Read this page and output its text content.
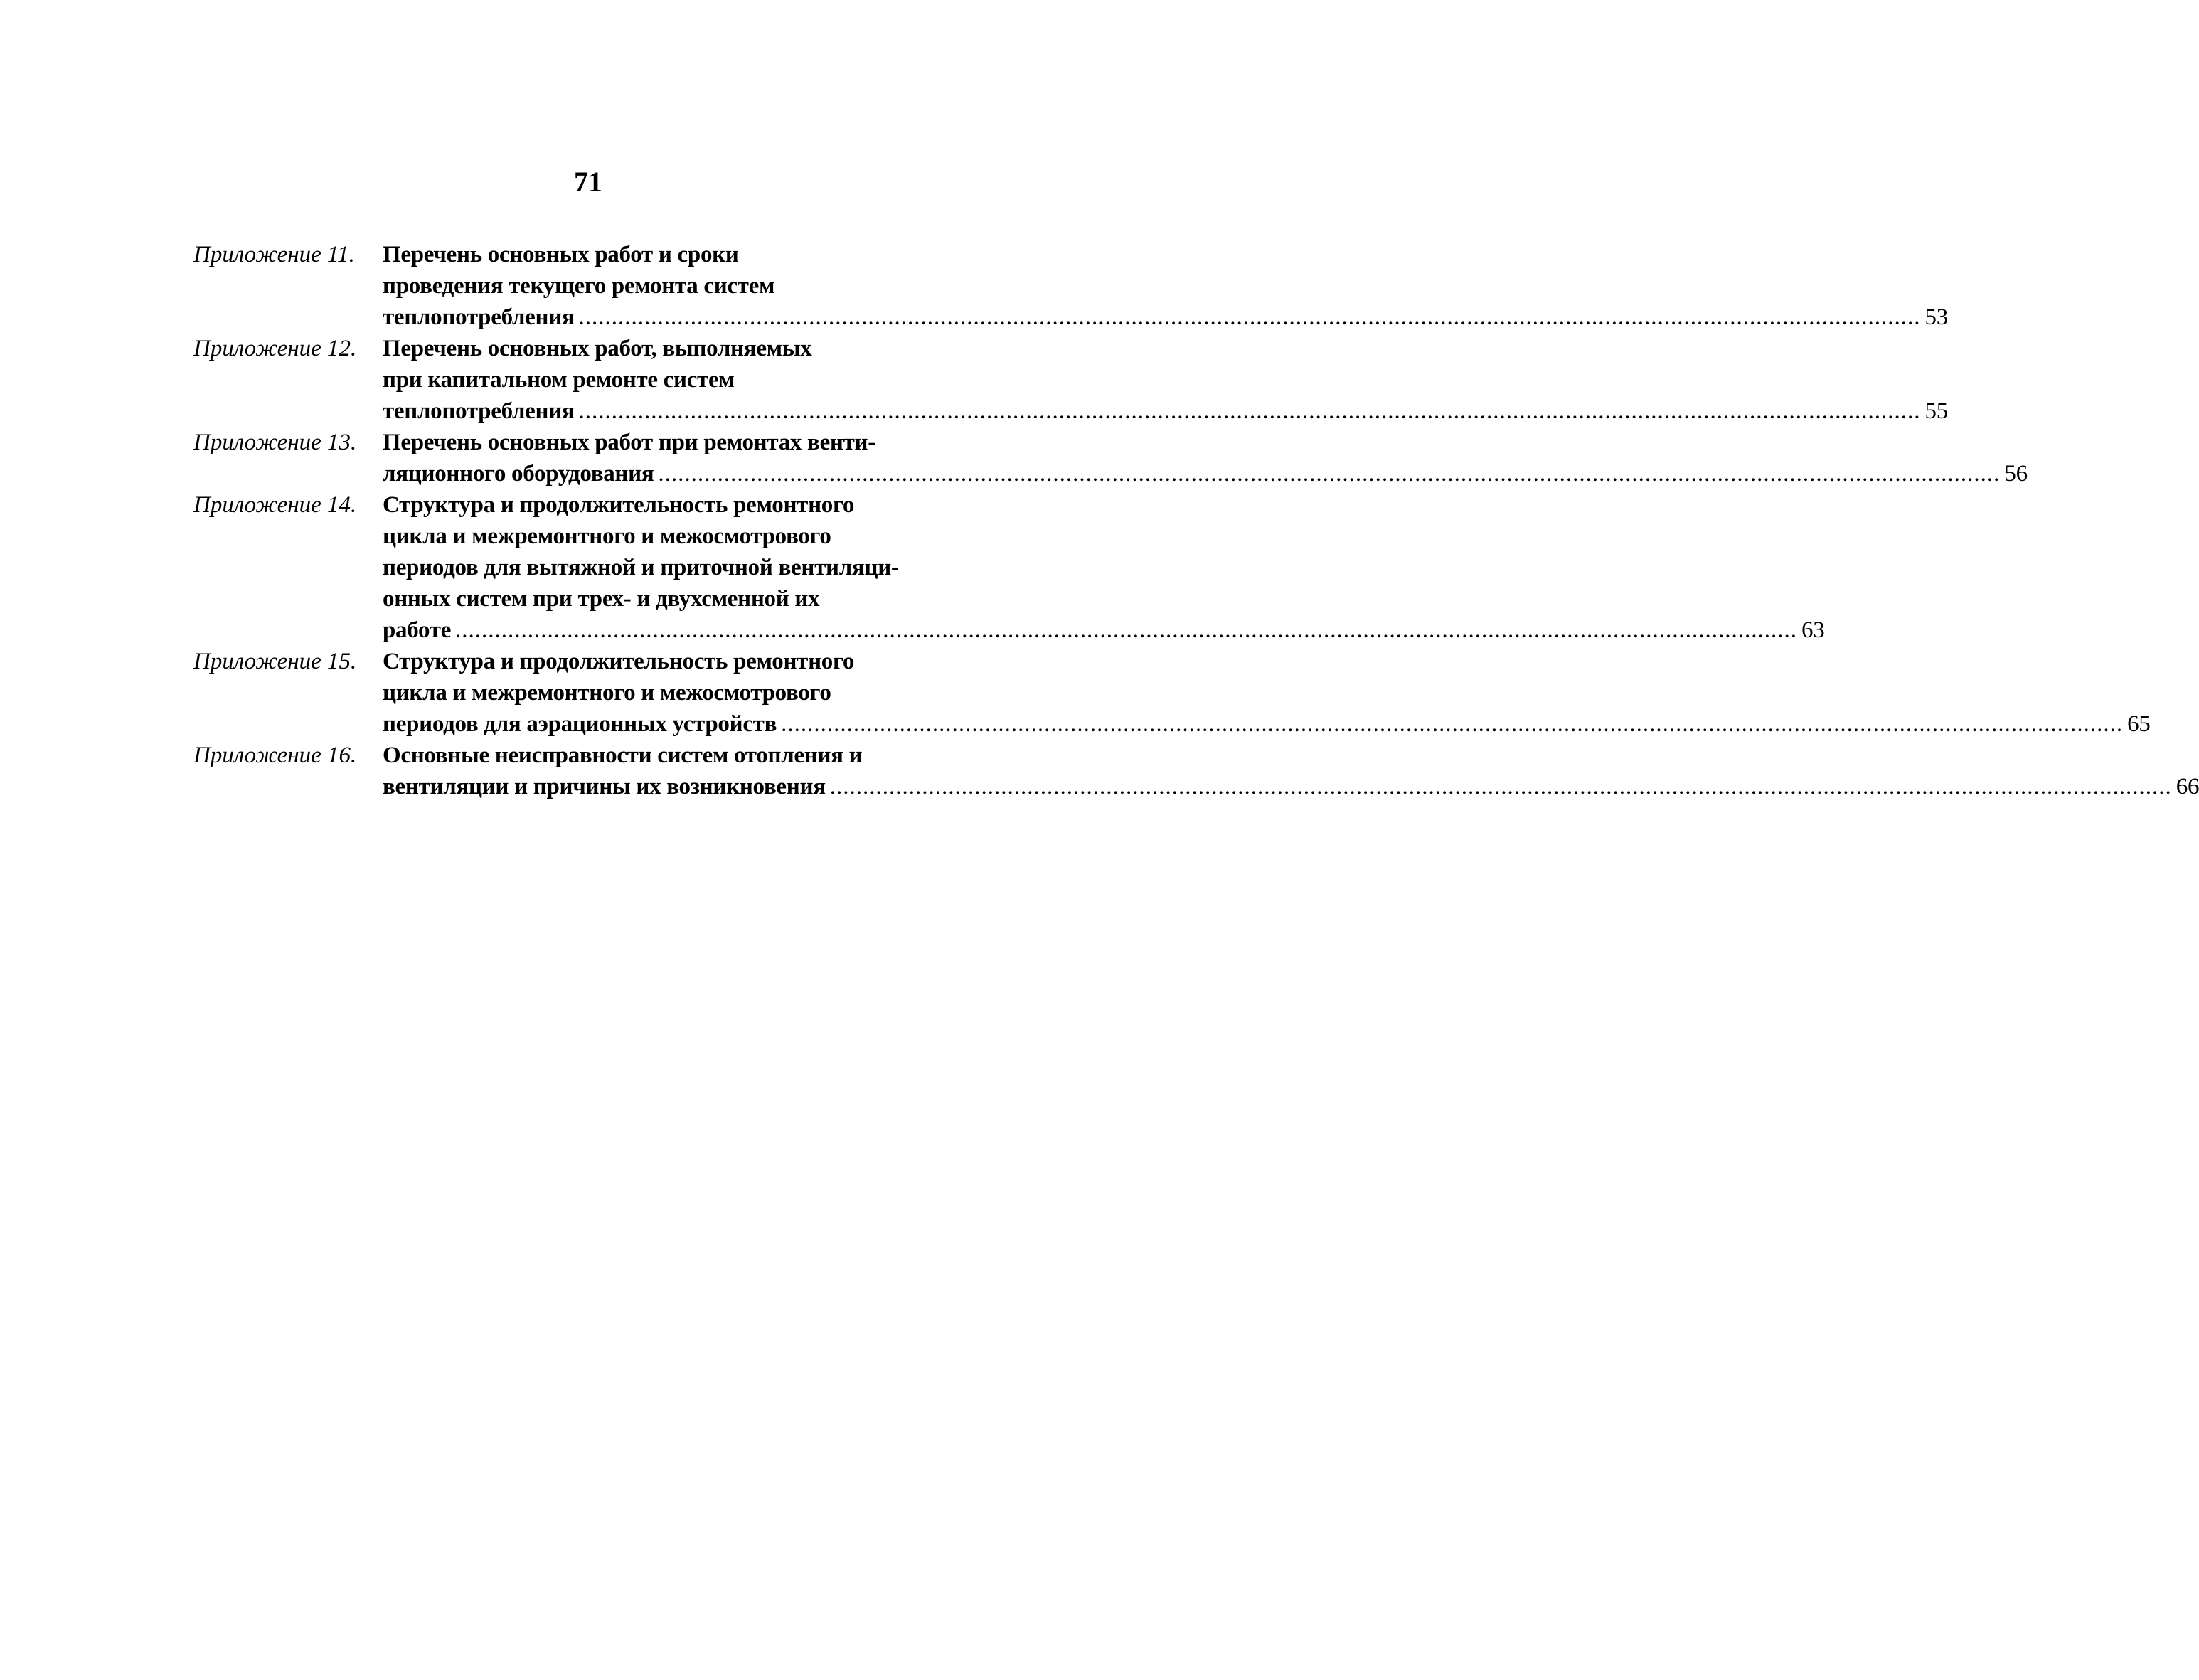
71
Приложение 11.	Перечень основных работ и сроки
проведения текущего ремонта систем
теплопотребления .....	53
Приложение 12.	Перечень основных работ, выполняемых
при капитальном ремонте систем
теплопотребления .....	55
Приложение 13.	Перечень основных работ при ремонтах венти-
ляционного оборудования .....	56
Приложение 14.	Структура и продолжительность ремонтного
цикла и межремонтного и межосмотрового
периодов для вытяжной и приточной вентиляци-
онных систем при трех- и двухсменной их
работе .....	63
Приложение 15.	Структура и продолжительность ремонтного
цикла и межремонтного и межосмотрового
периодов для аэрационных устройств .....	65
Приложение 16.	Основные неисправности систем отопления и
вентиляции и причины их возникновения .....	66
